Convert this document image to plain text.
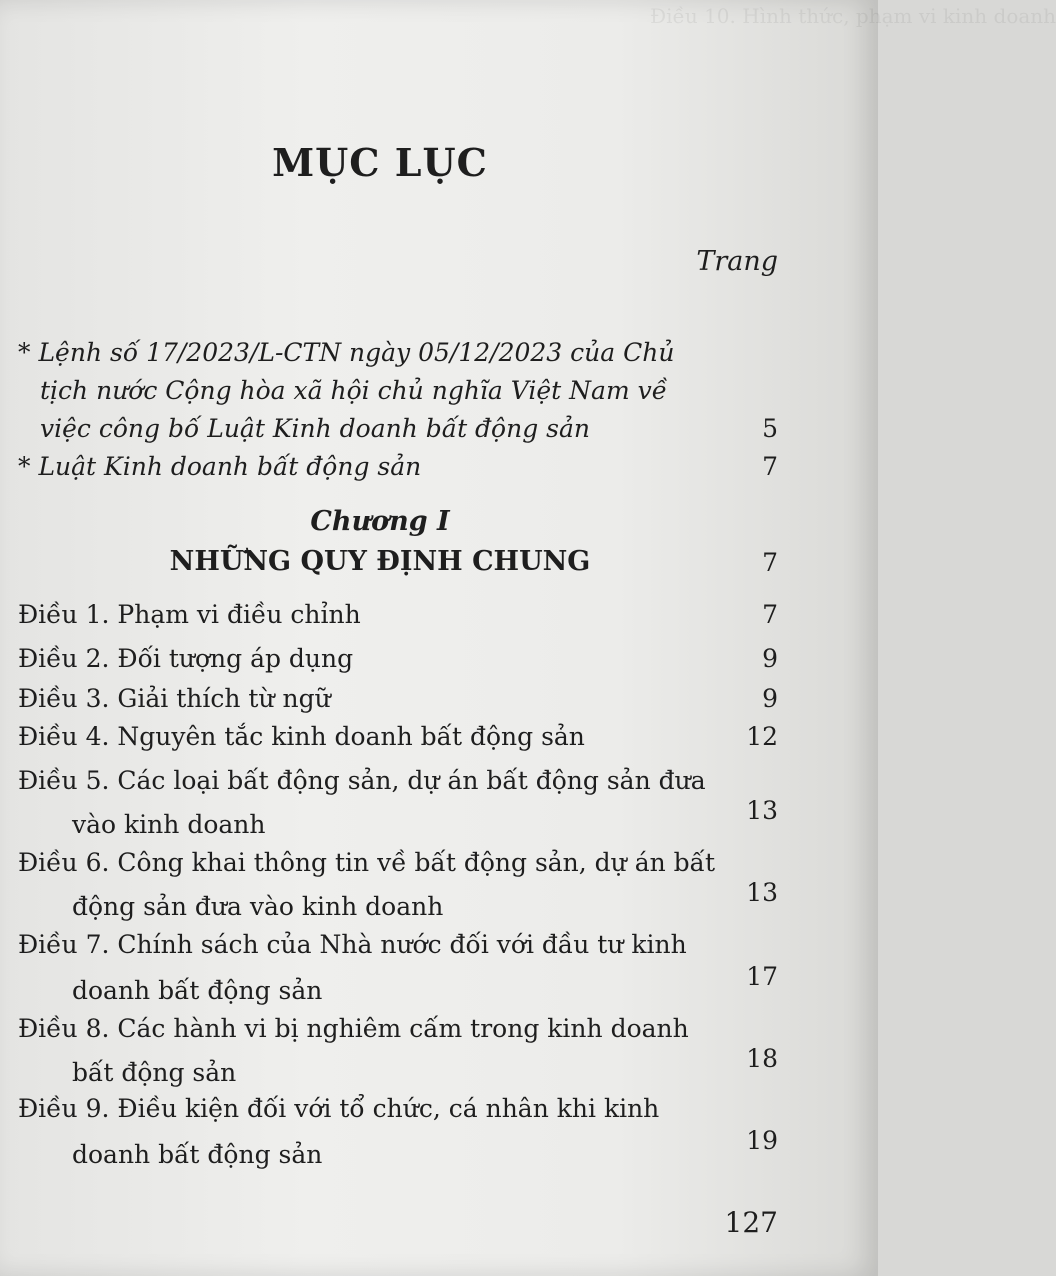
Điều 10. Hình thức, phạm vi kinh doanh
MỤC LỤC
Trang
* Lệnh số 17/2023/L-CTN ngày 05/12/2023 của Chủ
tịch nước Cộng hòa xã hội chủ nghĩa Việt Nam về
việc công bố Luật Kinh doanh bất động sản	5
* Luật Kinh doanh bất động sản	7
Chương I
NHỮNG QUY ĐỊNH CHUNG	7
Điều 1. Phạm vi điều chỉnh	7
Điều 2. Đối tượng áp dụng	9
Điều 3. Giải thích từ ngữ	9
Điều 4. Nguyên tắc kinh doanh bất động sản	12
Điều 5. Các loại bất động sản, dự án bất động sản đưa
vào kinh doanh	13
Điều 6. Công khai thông tin về bất động sản, dự án bất
động sản đưa vào kinh doanh	13
Điều 7. Chính sách của Nhà nước đối với đầu tư kinh
doanh bất động sản	17
Điều 8. Các hành vi bị nghiêm cấm trong kinh doanh
bất động sản	18
Điều 9. Điều kiện đối với tổ chức, cá nhân khi kinh
doanh bất động sản	19
127
